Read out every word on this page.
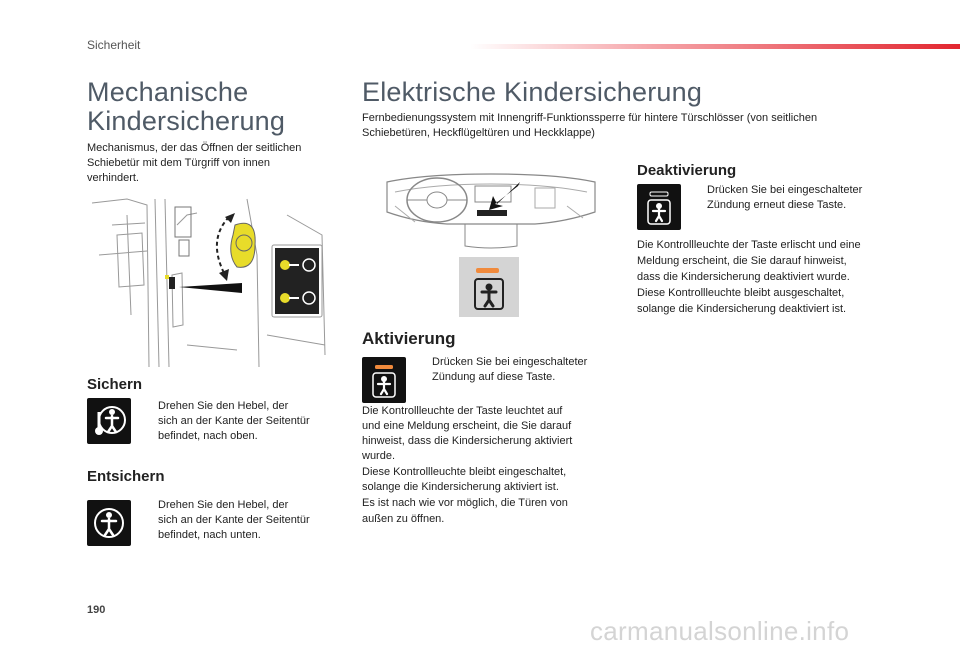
Sicherheit
Mechanische
Kindersicherung
Mechanismus, der das Öffnen der seitlichen
Schiebetür mit dem Türgriff von innen
verhindert.
Sichern
Drehen Sie den Hebel, der
sich an der Kante der Seitentür
befindet, nach oben.
Entsichern
Drehen Sie den Hebel, der
sich an der Kante der Seitentür
befindet, nach unten.
Elektrische Kindersicherung
Fernbedienungssystem mit Innengriff-Funktionssperre für hintere Türschlösser (von seitlichen
Schiebetüren, Heckflügeltüren und Heckklappe)
Aktivierung
Drücken Sie bei eingeschalteter
Zündung auf diese Taste.
Die Kontrollleuchte der Taste leuchtet auf
und eine Meldung erscheint, die Sie darauf
hinweist, dass die Kindersicherung aktiviert
wurde.
Diese Kontrollleuchte bleibt eingeschaltet,
solange die Kindersicherung aktiviert ist.
Es ist nach wie vor möglich, die Türen von
außen zu öffnen.
Deaktivierung
Drücken Sie bei eingeschalteter
Zündung erneut diese Taste.
Die Kontrollleuchte der Taste erlischt und eine
Meldung erscheint, die Sie darauf hinweist,
dass die Kindersicherung deaktiviert wurde.
Diese Kontrollleuchte bleibt ausgeschaltet,
solange die Kindersicherung deaktiviert ist.
190
carmanualsonline.info
